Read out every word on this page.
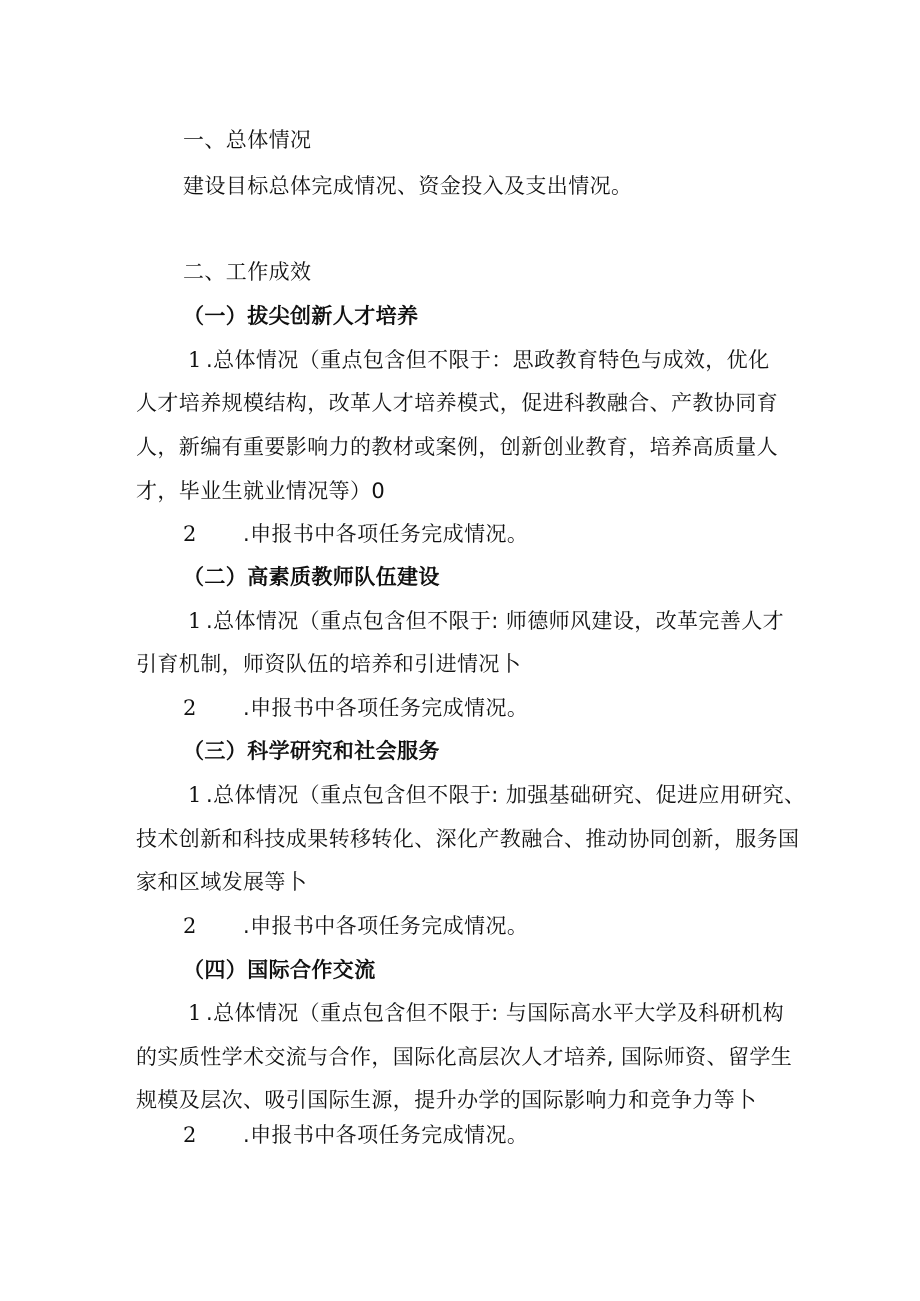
一、总体情况

建设目标总体完成情况、资金投入及支出情况。

二、工作成效

（一）拔尖创新人才培养

1 .总体情况（重点包含但不限于：思政教育特色与成效，优化

人才培养规模结构，改革人才培养模式，促进科教融合、产教协同育

人，新编有重要影响力的教材或案例，创新创业教育，培养高质量人

才，毕业生就业情况等）0

2 .申报书中各项任务完成情况。

（二）高素质教师队伍建设

1 .总体情况（重点包含但不限于: 师德师风建设，改革完善人才

引育机制，师资队伍的培养和引进情况卜

2 .申报书中各项任务完成情况。

（三）科学研究和社会服务

1 .总体情况（重点包含但不限于: 加强基础研究、促进应用研究、

技术创新和科技成果转移转化、深化产教融合、推动协同创新，服务国

家和区域发展等卜

2 .申报书中各项任务完成情况。

（四）国际合作交流

1 .总体情况（重点包含但不限于: 与国际高水平大学及科研机构

的实质性学术交流与合作，国际化高层次人才培养, 国际师资、留学生

规模及层次、吸引国际生源，提升办学的国际影响力和竞争力等卜

2 .申报书中各项任务完成情况。
